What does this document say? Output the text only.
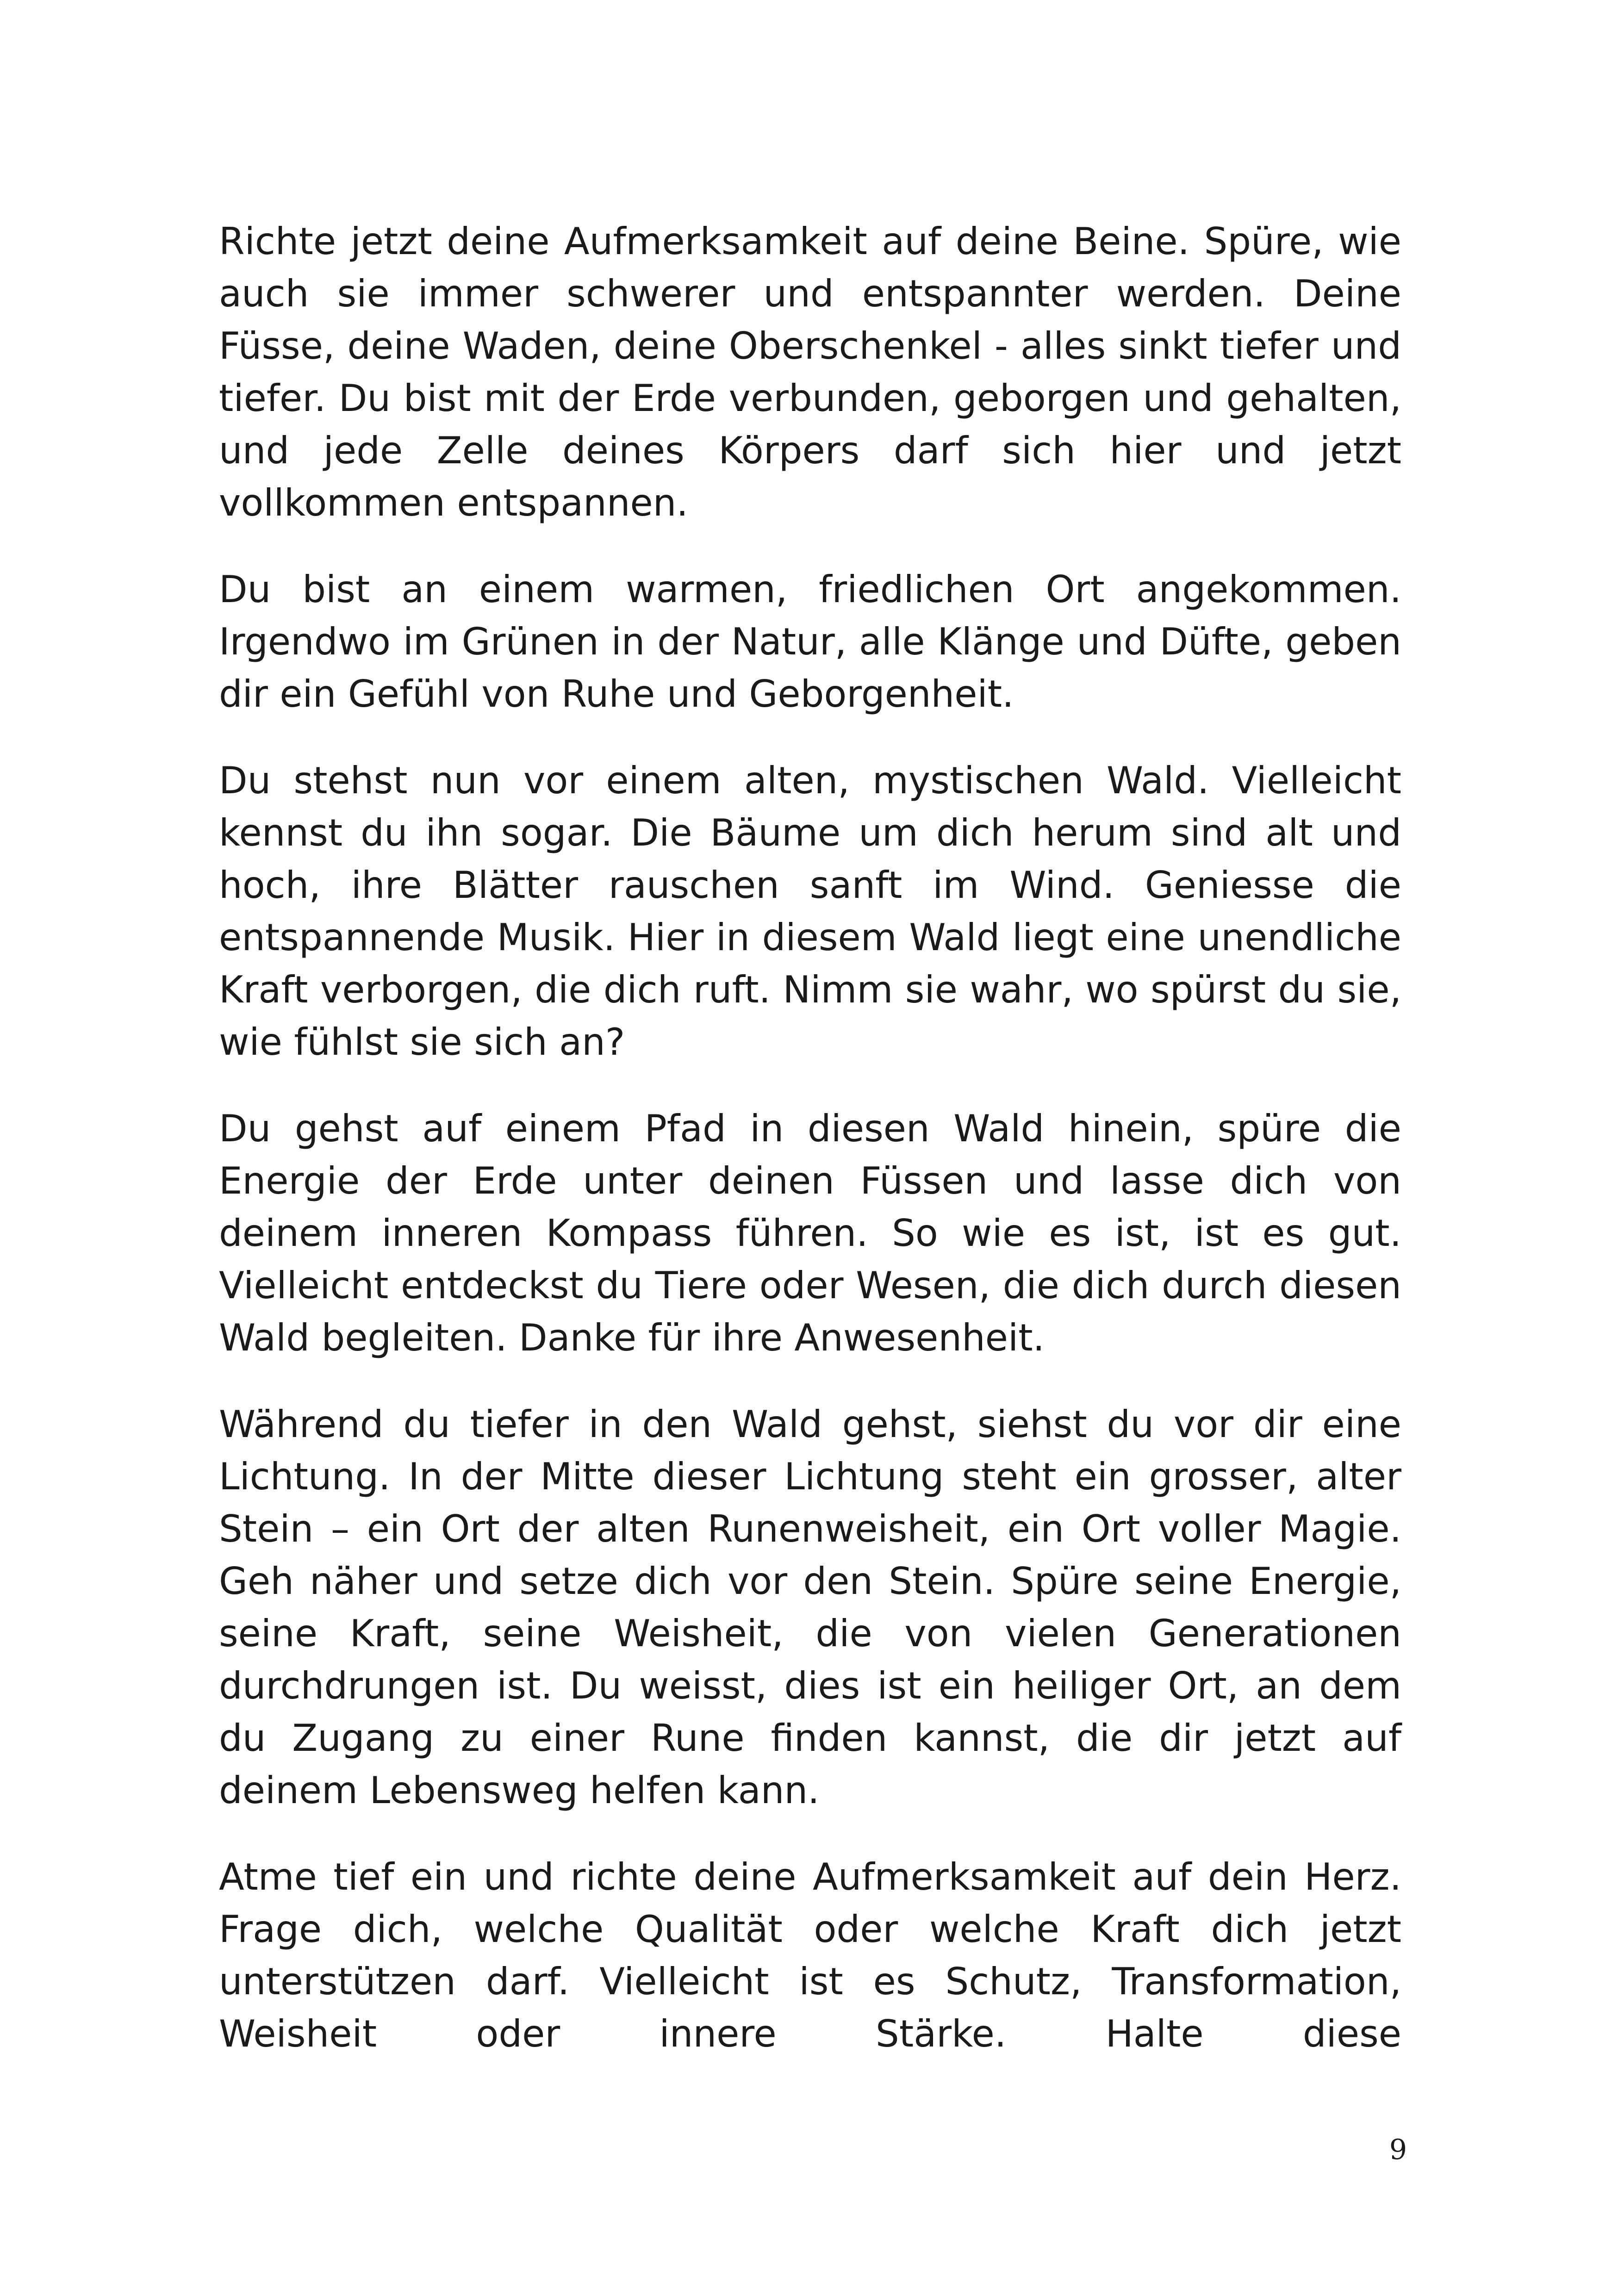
Richte jetzt deine Aufmerksamkeit auf deine Beine. Spüre, wie auch sie immer schwerer und entspannter werden. Deine Füsse, deine Waden, deine Oberschenkel - alles sinkt tiefer und tiefer. Du bist mit der Erde verbunden, geborgen und gehalten, und jede Zelle deines Körpers darf sich hier und jetzt vollkommen entspannen.

Du bist an einem warmen, friedlichen Ort angekommen. Irgendwo im Grünen in der Natur, alle Klänge und Düfte, geben dir ein Gefühl von Ruhe und Geborgenheit.

Du stehst nun vor einem alten, mystischen Wald. Vielleicht kennst du ihn sogar. Die Bäume um dich herum sind alt und hoch, ihre Blätter rauschen sanft im Wind. Geniesse die entspannende Musik. Hier in diesem Wald liegt eine unendliche Kraft verborgen, die dich ruft. Nimm sie wahr, wo spürst du sie, wie fühlst sie sich an?

Du gehst auf einem Pfad in diesen Wald hinein, spüre die Energie der Erde unter deinen Füssen und lasse dich von deinem inneren Kompass führen. So wie es ist, ist es gut. Vielleicht entdeckst du Tiere oder Wesen, die dich durch diesen Wald begleiten. Danke für ihre Anwesenheit.

Während du tiefer in den Wald gehst, siehst du vor dir eine Lichtung. In der Mitte dieser Lichtung steht ein grosser, alter Stein – ein Ort der alten Runenweisheit, ein Ort voller Magie. Geh näher und setze dich vor den Stein. Spüre seine Energie, seine Kraft, seine Weisheit, die von vielen Generationen durchdrungen ist. Du weisst, dies ist ein heiliger Ort, an dem du Zugang zu einer Rune finden kannst, die dir jetzt auf deinem Lebensweg helfen kann.

Atme tief ein und richte deine Aufmerksamkeit auf dein Herz. Frage dich, welche Qualität oder welche Kraft dich jetzt unterstützen darf. Vielleicht ist es Schutz, Transformation, Weisheit oder innere Stärke. Halte diese

9
